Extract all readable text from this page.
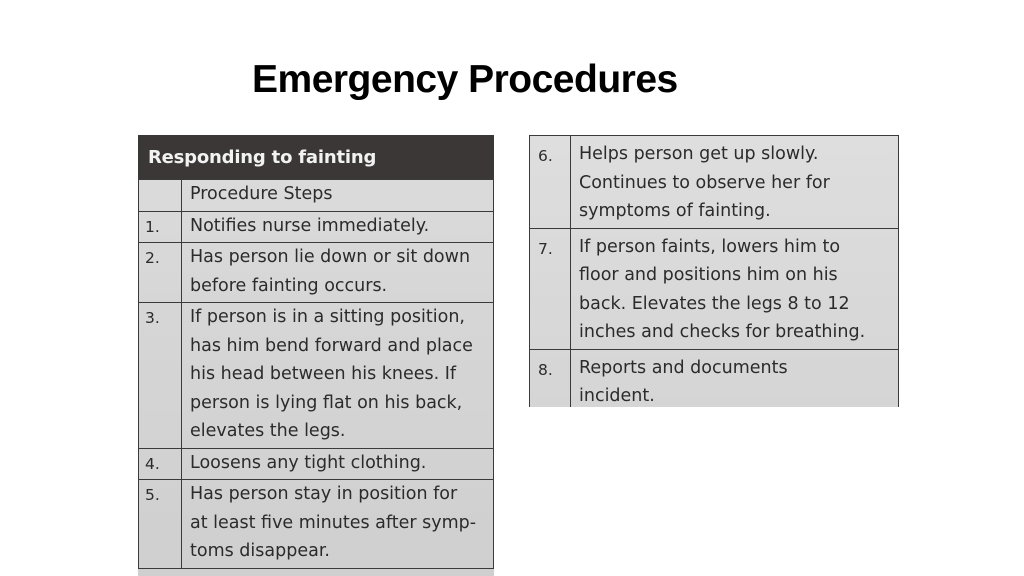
Emergency Procedures
Responding to fainting
	Procedure Steps
1.	Notifies nurse immediately.

2.	Has person lie down or sit down
before fainting occurs.

3.	If person is in a sitting position,
has him bend forward and place
his head between his knees. If
person is lying flat on his back,
elevates the legs.

4.	Loosens any tight clothing.

5.	Has person stay in position for
at least five minutes after symp-
toms disappear.
6.	Helps person get up slowly.
Continues to observe her for
symptoms of fainting.

7.	If person faints, lowers him to
floor and positions him on his
back. Elevates the legs 8 to 12
inches and checks for breathing.

8.	Reports and documents
incident.
